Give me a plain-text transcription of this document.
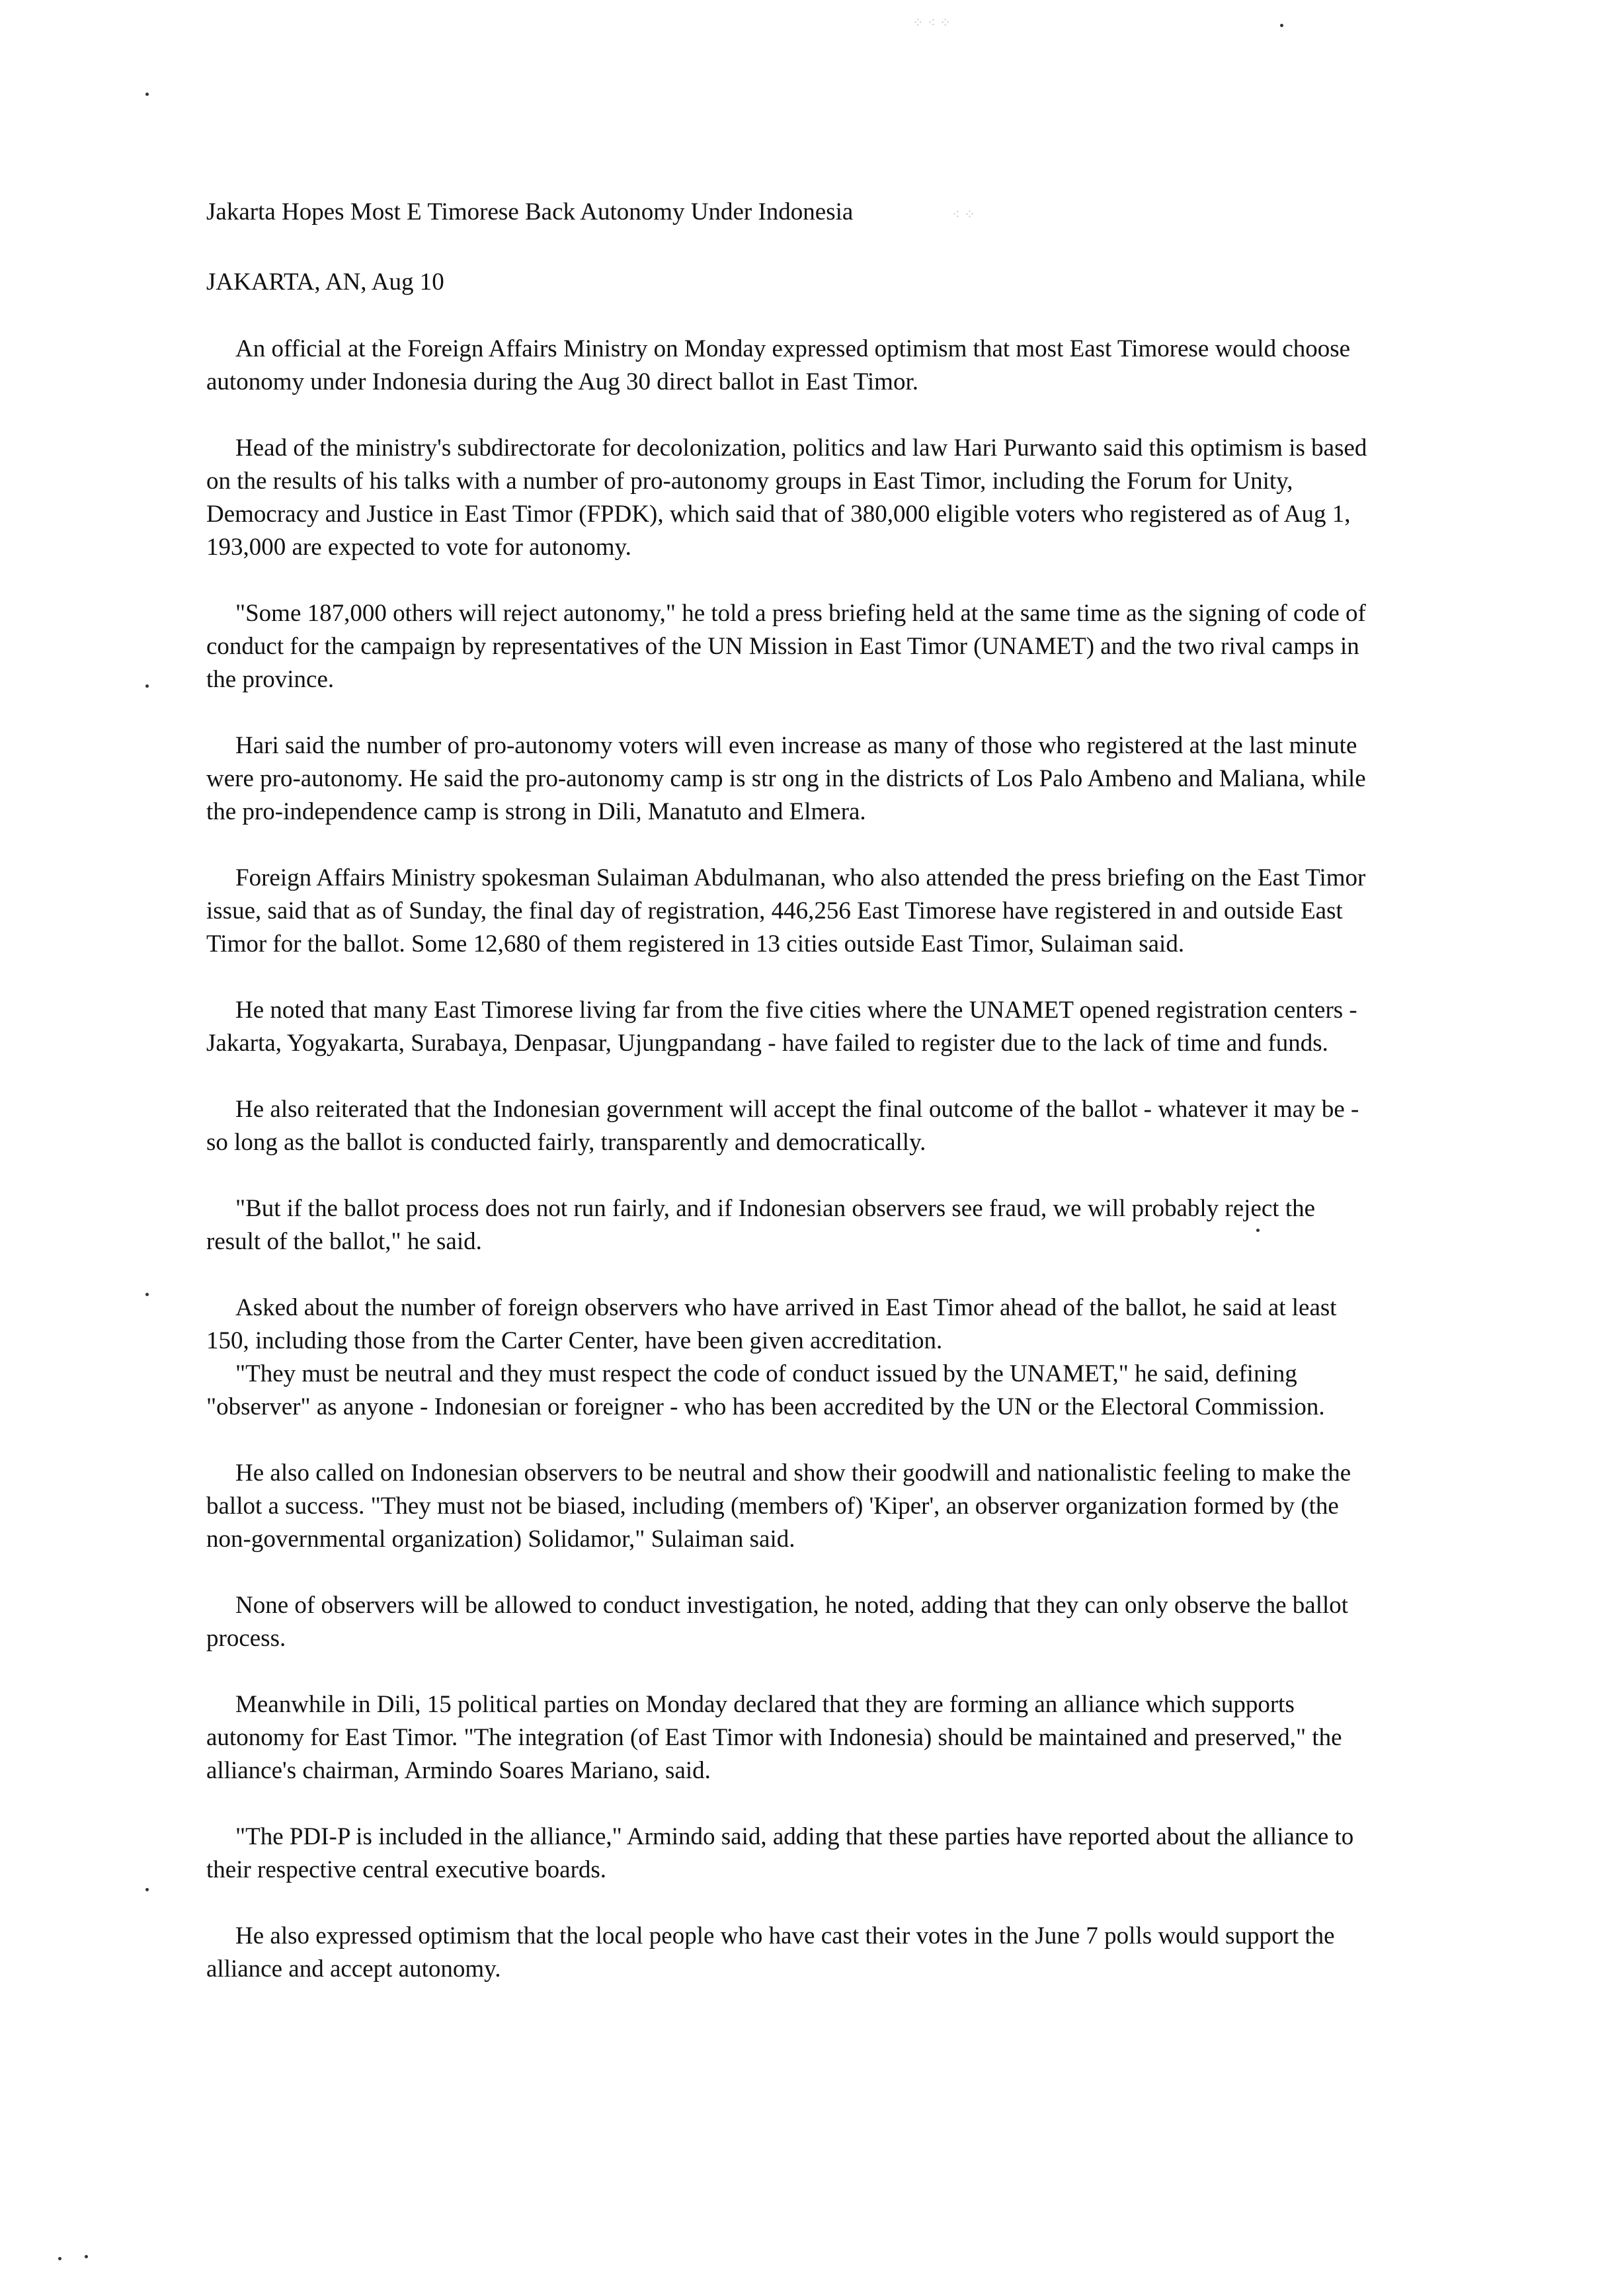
⁘ ⁖ ⁘
⁖ ⁘
Jakarta Hopes Most E Timorese Back Autonomy Under Indonesia
JAKARTA, AN, Aug 10

An official at the Foreign Affairs Ministry on Monday expressed optimism that most East Timorese would choose autonomy under Indonesia during the Aug 30 direct ballot in East Timor.

Head of the ministry's subdirectorate for decolonization, politics and law Hari Purwanto said this optimism is based on the results of his talks with a number of pro-autonomy groups in East Timor, including the Forum for Unity, Democracy and Justice in East Timor (FPDK), which said that of 380,000 eligible voters who registered as of Aug 1, 193,000 are expected to vote for autonomy.

"Some 187,000 others will reject autonomy," he told a press briefing held at the same time as the signing of code of conduct for the campaign by representatives of the UN Mission in East Timor (UNAMET) and the two rival camps in the province.

Hari said the number of pro-autonomy voters will even increase as many of those who registered at the last minute were pro-autonomy. He said the pro-autonomy camp is str ong in the districts of Los Palo Ambeno and Maliana, while the pro-independence camp is strong in Dili, Manatuto and Elmera.

Foreign Affairs Ministry spokesman Sulaiman Abdulmanan, who also attended the press briefing on the East Timor issue, said that as of Sunday, the final day of registration, 446,256 East Timorese have registered in and outside East Timor for the ballot. Some 12,680 of them registered in 13 cities outside East Timor, Sulaiman said.

He noted that many East Timorese living far from the five cities where the UNAMET opened registration centers - Jakarta, Yogyakarta, Surabaya, Denpasar, Ujungpandang - have failed to register due to the lack of time and funds.

He also reiterated that the Indonesian government will accept the final outcome of the ballot - whatever it may be - so long as the ballot is conducted fairly, transparently and democratically.

"But if the ballot process does not run fairly, and if Indonesian observers see fraud, we will probably reject the result of the ballot," he said.

Asked about the number of foreign observers who have arrived in East Timor ahead of the ballot, he said at least 150, including those from the Carter Center, have been given accreditation.

"They must be neutral and they must respect the code of conduct issued by the UNAMET," he said, defining "observer" as anyone - Indonesian or foreigner - who has been accredited by the UN or the Electoral Commission.

He also called on Indonesian observers to be neutral and show their goodwill and nationalistic feeling to make the ballot a success. "They must not be biased, including (members of) 'Kiper', an observer organization formed by (the non-governmental organization) Solidamor," Sulaiman said.

None of observers will be allowed to conduct investigation, he noted, adding that they can only observe the ballot process.

Meanwhile in Dili, 15 political parties on Monday declared that they are forming an alliance which supports autonomy for East Timor. "The integration (of East Timor with Indonesia) should be maintained and preserved," the alliance's chairman, Armindo Soares Mariano, said.

"The PDI-P is included in the alliance," Armindo said, adding that these parties have reported about the alliance to their respective central executive boards.

He also expressed optimism that the local people who have cast their votes in the June 7 polls would support the alliance and accept autonomy.
